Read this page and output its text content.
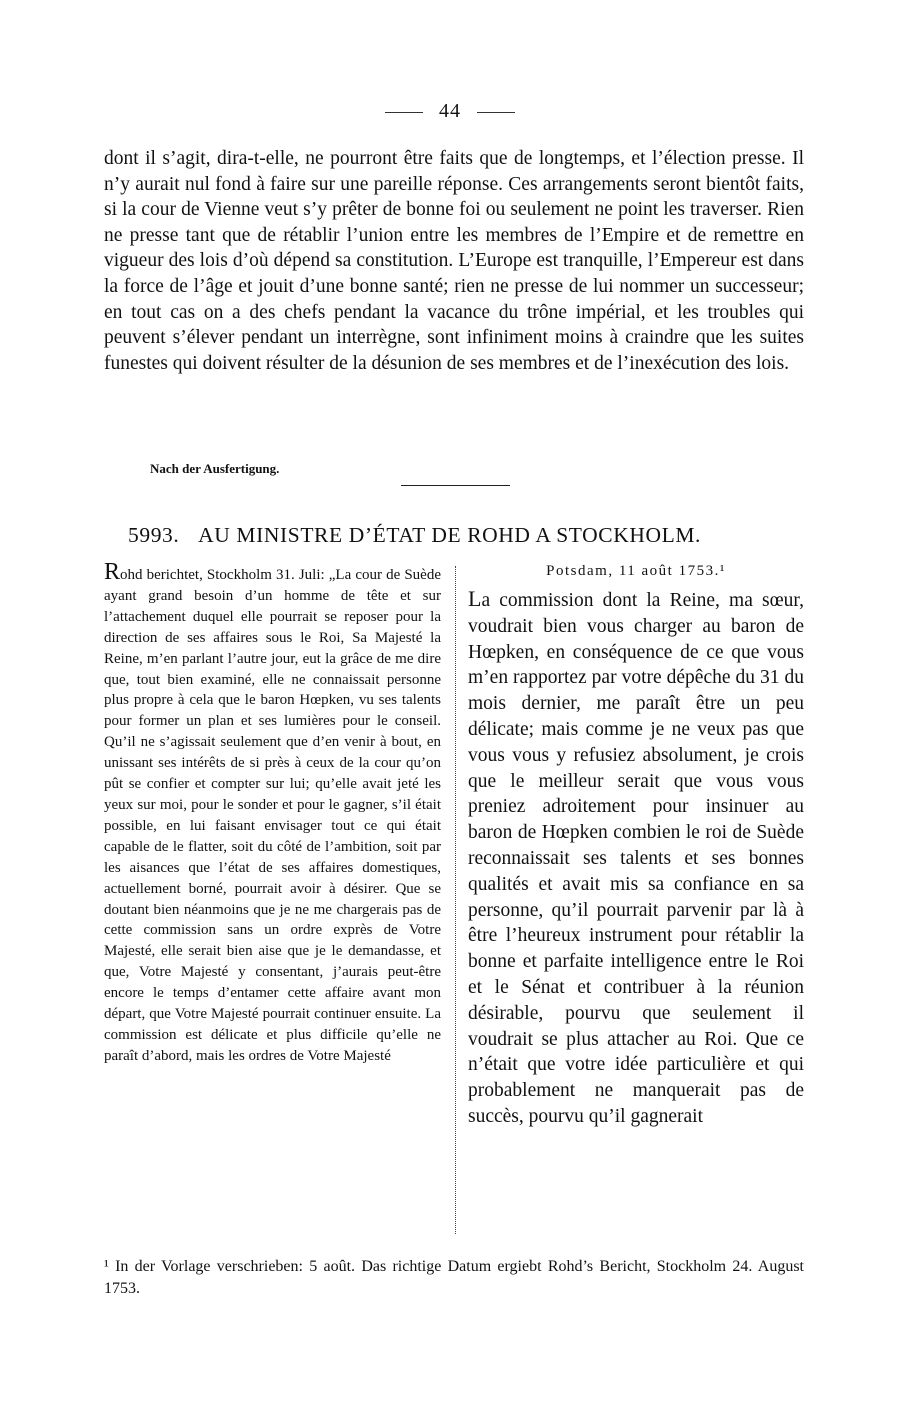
44

dont il s’agit, dira-t-elle, ne pourront être faits que de longtemps, et l’élection presse. Il n’y aurait nul fond à faire sur une pareille réponse. Ces arrangements seront bientôt faits, si la cour de Vienne veut s’y prêter de bonne foi ou seulement ne point les traverser. Rien ne presse tant que de rétablir l’union entre les membres de l’Empire et de remettre en vigueur des lois d’où dépend sa constitution. L’Europe est tranquille, l’Empereur est dans la force de l’âge et jouit d’une bonne santé; rien ne presse de lui nommer un successeur; en tout cas on a des chefs pendant la vacance du trône impérial, et les troubles qui peuvent s’élever pendant un interrègne, sont infiniment moins à craindre que les suites funestes qui doivent résulter de la désunion de ses membres et de l’inexécution des lois.

Nach der Ausfertigung.
5993. AU MINISTRE D’ÉTAT DE ROHD A STOCKHOLM.

Rohd berichtet, Stockholm 31. Juli: „La cour de Suède ayant grand besoin d’un homme de tête et sur l’attachement duquel elle pourrait se reposer pour la direction de ses affaires sous le Roi, Sa Majesté la Reine, m’en parlant l’autre jour, eut la grâce de me dire que, tout bien examiné, elle ne connaissait personne plus propre à cela que le baron Hœpken, vu ses talents pour former un plan et ses lumières pour le conseil. Qu’il ne s’agissait seulement que d’en venir à bout, en unissant ses intérêts de si près à ceux de la cour qu’on pût se confier et compter sur lui; qu’elle avait jeté les yeux sur moi, pour le sonder et pour le gagner, s’il était possible, en lui faisant envisager tout ce qui était capable de le flatter, soit du côté de l’ambition, soit par les aisances que l’état de ses affaires domestiques, actuellement borné, pourrait avoir à désirer. Que se doutant bien néanmoins que je ne me chargerais pas de cette commission sans un ordre exprès de Votre Majesté, elle serait bien aise que je le demandasse, et que, Votre Majesté y consentant, j’aurais peut-être encore le temps d’entamer cette affaire avant mon départ, que Votre Majesté pourrait continuer ensuite. La commission est délicate et plus difficile qu’elle ne paraît d’abord, mais les ordres de Votre Majesté

Potsdam, 11 août 1753.¹

La commission dont la Reine, ma sœur, voudrait bien vous charger au baron de Hœpken, en conséquence de ce que vous m’en rapportez par votre dépêche du 31 du mois dernier, me paraît être un peu délicate; mais comme je ne veux pas que vous vous y refusiez absolument, je crois que le meilleur serait que vous vous preniez adroitement pour insinuer au baron de Hœpken combien le roi de Suède reconnaissait ses talents et ses bonnes qualités et avait mis sa confiance en sa personne, qu’il pourrait parvenir par là à être l’heureux instrument pour rétablir la bonne et parfaite intelligence entre le Roi et le Sénat et contribuer à la réunion désirable, pourvu que seulement il voudrait se plus attacher au Roi. Que ce n’était que votre idée particulière et qui probablement ne manquerait pas de succès, pourvu qu’il gagnerait

¹ In der Vorlage verschrieben: 5 août. Das richtige Datum ergiebt Rohd’s Bericht, Stockholm 24. August 1753.
